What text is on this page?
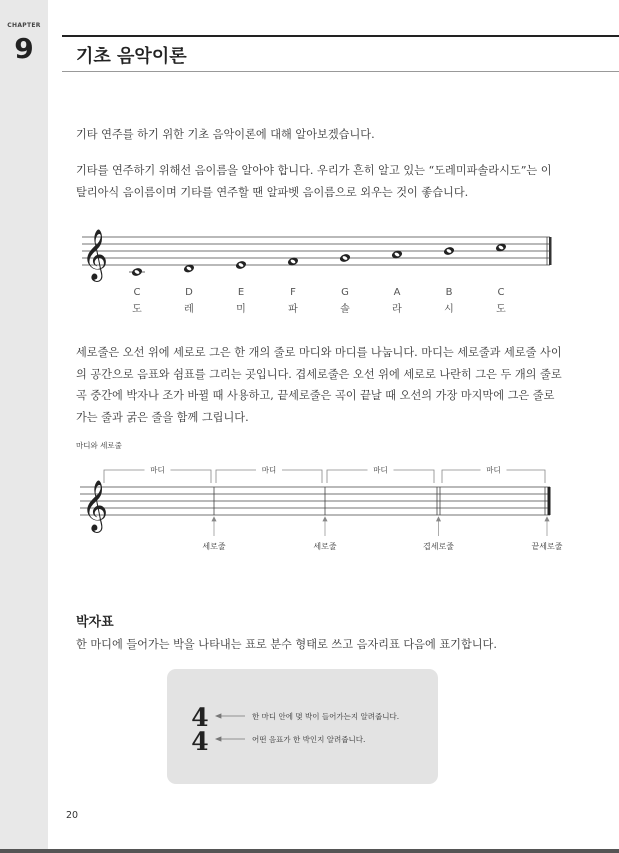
CHAPTER
9	기초 음악이론
기타 연주를 하기 위한 기초 음악이론에 대해 알아보겠습니다.
기타를 연주하기 위해선 음이름을 알아야 합니다. 우리가 흔히 알고 있는 “도레미파솔라시도”는 이탈리아식 음이름이며 기타를 연주할 땐 알파벳 음이름으로 외우는 것이 좋습니다.
𝄞
C	D	E	F	G	A	B	C
도	레	미	파	솔	라	시	도
세로줄은 오선 위에 세로로 그은 한 개의 줄로 마디와 마디를 나눕니다. 마디는 세로줄과 세로줄 사이의 공간으로 음표와 쉼표를 그리는 곳입니다. 겹세로줄은 오선 위에 세로로 나란히 그은 두 개의 줄로 곡 중간에 박자나 조가 바뀔 때 사용하고, 끝세로줄은 곡이 끝날 때 오선의 가장 마지막에 그은 줄로 가는 줄과 굵은 줄을 함께 그립니다.
마디와 세로줄
마디	마디	마디	마디
𝄞
세로줄	세로줄	겹세로줄	끝세로줄
박자표
한 마디에 들어가는 박을 나타내는 표로 분수 형태로 쓰고 음자리표 다음에 표기합니다.
4
4
한 마디 안에 몇 박이 들어가는지 알려줍니다.
어떤 음표가 한 박인지 알려줍니다.
20
